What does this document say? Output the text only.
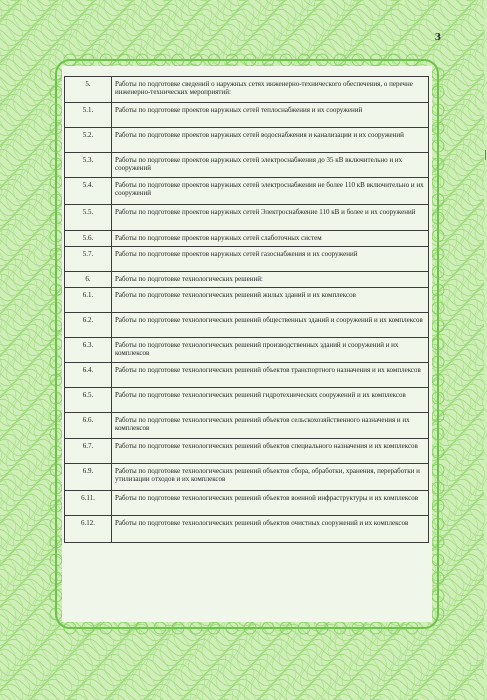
3
5.	Работы по подготовке сведений о наружных сетях инженерно-технического обеспечения, о перечне инженерно-технических мероприятий:
5.1.	Работы по подготовке проектов наружных сетей теплоснабжения и их сооружений
5.2.	Работы по подготовке проектов наружных сетей водоснабжения и канализации и их сооружений
5.3.	Работы по подготовке проектов наружных сетей электроснабжения до 35 кВ включительно и их сооружений
5.4.	Работы по подготовке проектов наружных сетей электроснабжения не более 110 кВ включительно и их сооружений
5.5.	Работы по подготовке проектов наружных сетей Электроснабжение 110 кВ и более и их сооружений
5.6.	Работы по подготовке проектов наружных сетей слаботочных систем
5.7.	Работы по подготовке проектов наружных сетей газоснабжения и их сооружений
6.	Работы по подготовке технологических решений:
6.1.	Работы по подготовке технологических решений жилых зданий и их комплексов
6.2.	Работы по подготовке технологических решений общественных зданий и сооружений и их комплексов
6.3.	Работы по подготовке технологических решений производственных зданий и сооружений и их комплексов
6.4.	Работы по подготовке технологических решений объектов транспортного назначения и их комплексов
6.5.	Работы по подготовке технологических решений гидротехнических сооружений и их комплексов
6.6.	Работы по подготовке технологических решений объектов сельскохозяйственного назначения и их комплексов
6.7.	Работы по подготовке технологических решений объектов специального назначения и их комплексов
6.9.	Работы по подготовке технологических решений объектов сбора, обработки, хранения, переработки и утилизации отходов и их комплексов
6.11.	Работы по подготовке технологических решений объектов военной инфраструктуры и их комплексов
6.12.	Работы по подготовке технологических решений объектов очистных сооружений и их комплексов
